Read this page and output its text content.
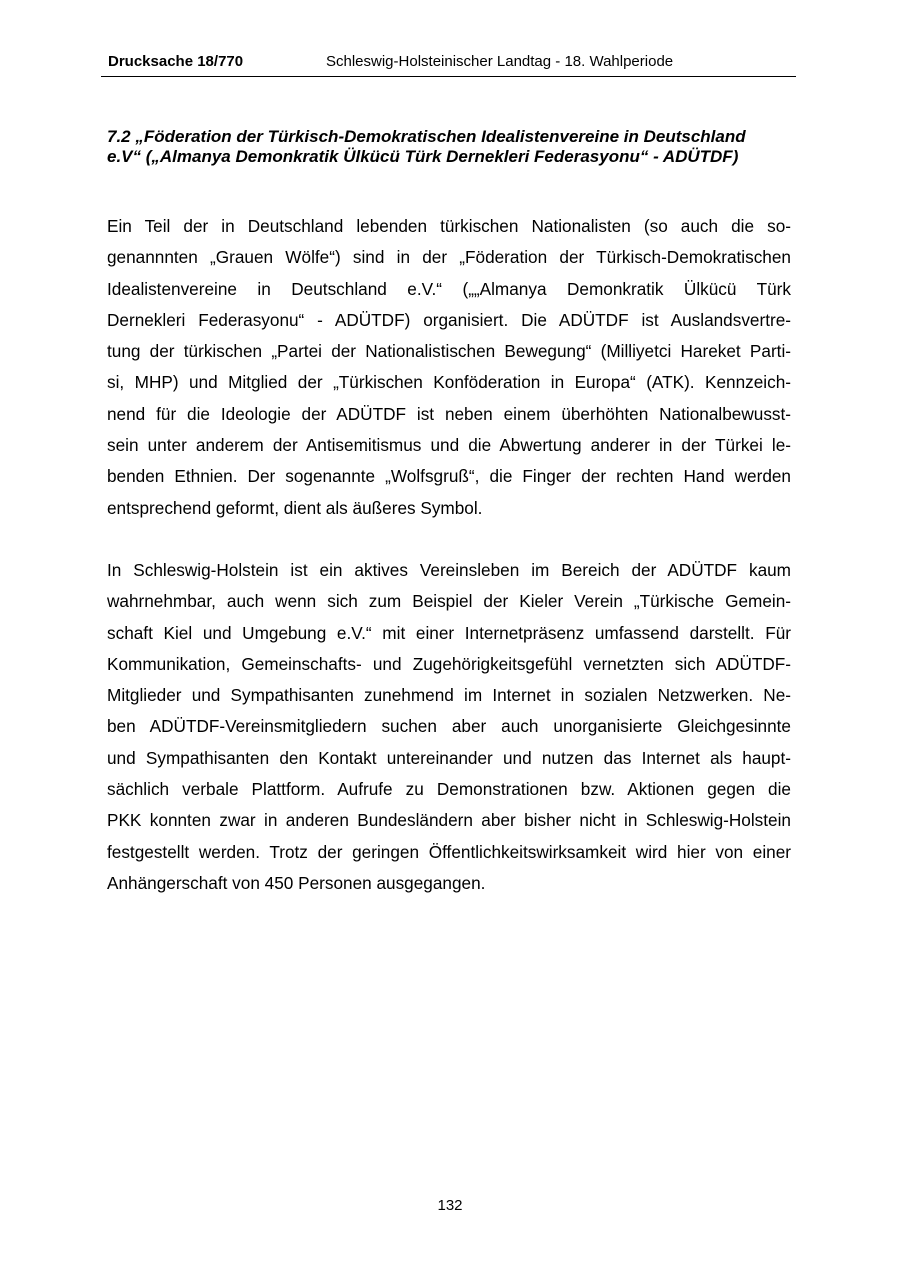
Drucksache 18/770	Schleswig-Holsteinischer Landtag - 18. Wahlperiode
7.2 „Föderation der Türkisch-Demokratischen Idealistenvereine in Deutschland
e.V“ („Almanya Demonkratik Ülkücü Türk Dernekleri Federasyonu“ - ADÜTDF)

Ein Teil der in Deutschland lebenden türkischen Nationalisten (so auch die so-
genannnten „Grauen Wölfe“) sind in der „Föderation der Türkisch-Demokratischen
Idealistenvereine in Deutschland e.V.“ („„Almanya Demonkratik Ülkücü Türk
Dernekleri Federasyonu“ - ADÜTDF) organisiert. Die ADÜTDF ist Auslandsvertre-
tung der türkischen „Partei der Nationalistischen Bewegung“ (Milliyetci Hareket Parti-
si, MHP) und Mitglied der „Türkischen Konföderation in Europa“ (ATK). Kennzeich-
nend für die Ideologie der ADÜTDF ist neben einem überhöhten Nationalbewusst-
sein unter anderem der Antisemitismus und die Abwertung anderer in der Türkei le-
benden Ethnien. Der sogenannte „Wolfsgruß“, die Finger der rechten Hand werden
entsprechend geformt, dient als äußeres Symbol.

In Schleswig-Holstein ist ein aktives Vereinsleben im Bereich der ADÜTDF kaum
wahrnehmbar, auch wenn sich zum Beispiel der Kieler Verein „Türkische Gemein-
schaft Kiel und Umgebung e.V.“ mit einer Internetpräsenz umfassend darstellt. Für
Kommunikation, Gemeinschafts- und Zugehörigkeitsgefühl vernetzten sich ADÜTDF-
Mitglieder und Sympathisanten zunehmend im Internet in sozialen Netzwerken. Ne-
ben ADÜTDF-Vereinsmitgliedern suchen aber auch unorganisierte Gleichgesinnte
und Sympathisanten den Kontakt untereinander und nutzen das Internet als haupt-
sächlich verbale Plattform. Aufrufe zu Demonstrationen bzw. Aktionen gegen die
PKK konnten zwar in anderen Bundesländern aber bisher nicht in Schleswig-Holstein
festgestellt werden. Trotz der geringen Öffentlichkeitswirksamkeit wird hier von einer
Anhängerschaft von 450 Personen ausgegangen.

132
